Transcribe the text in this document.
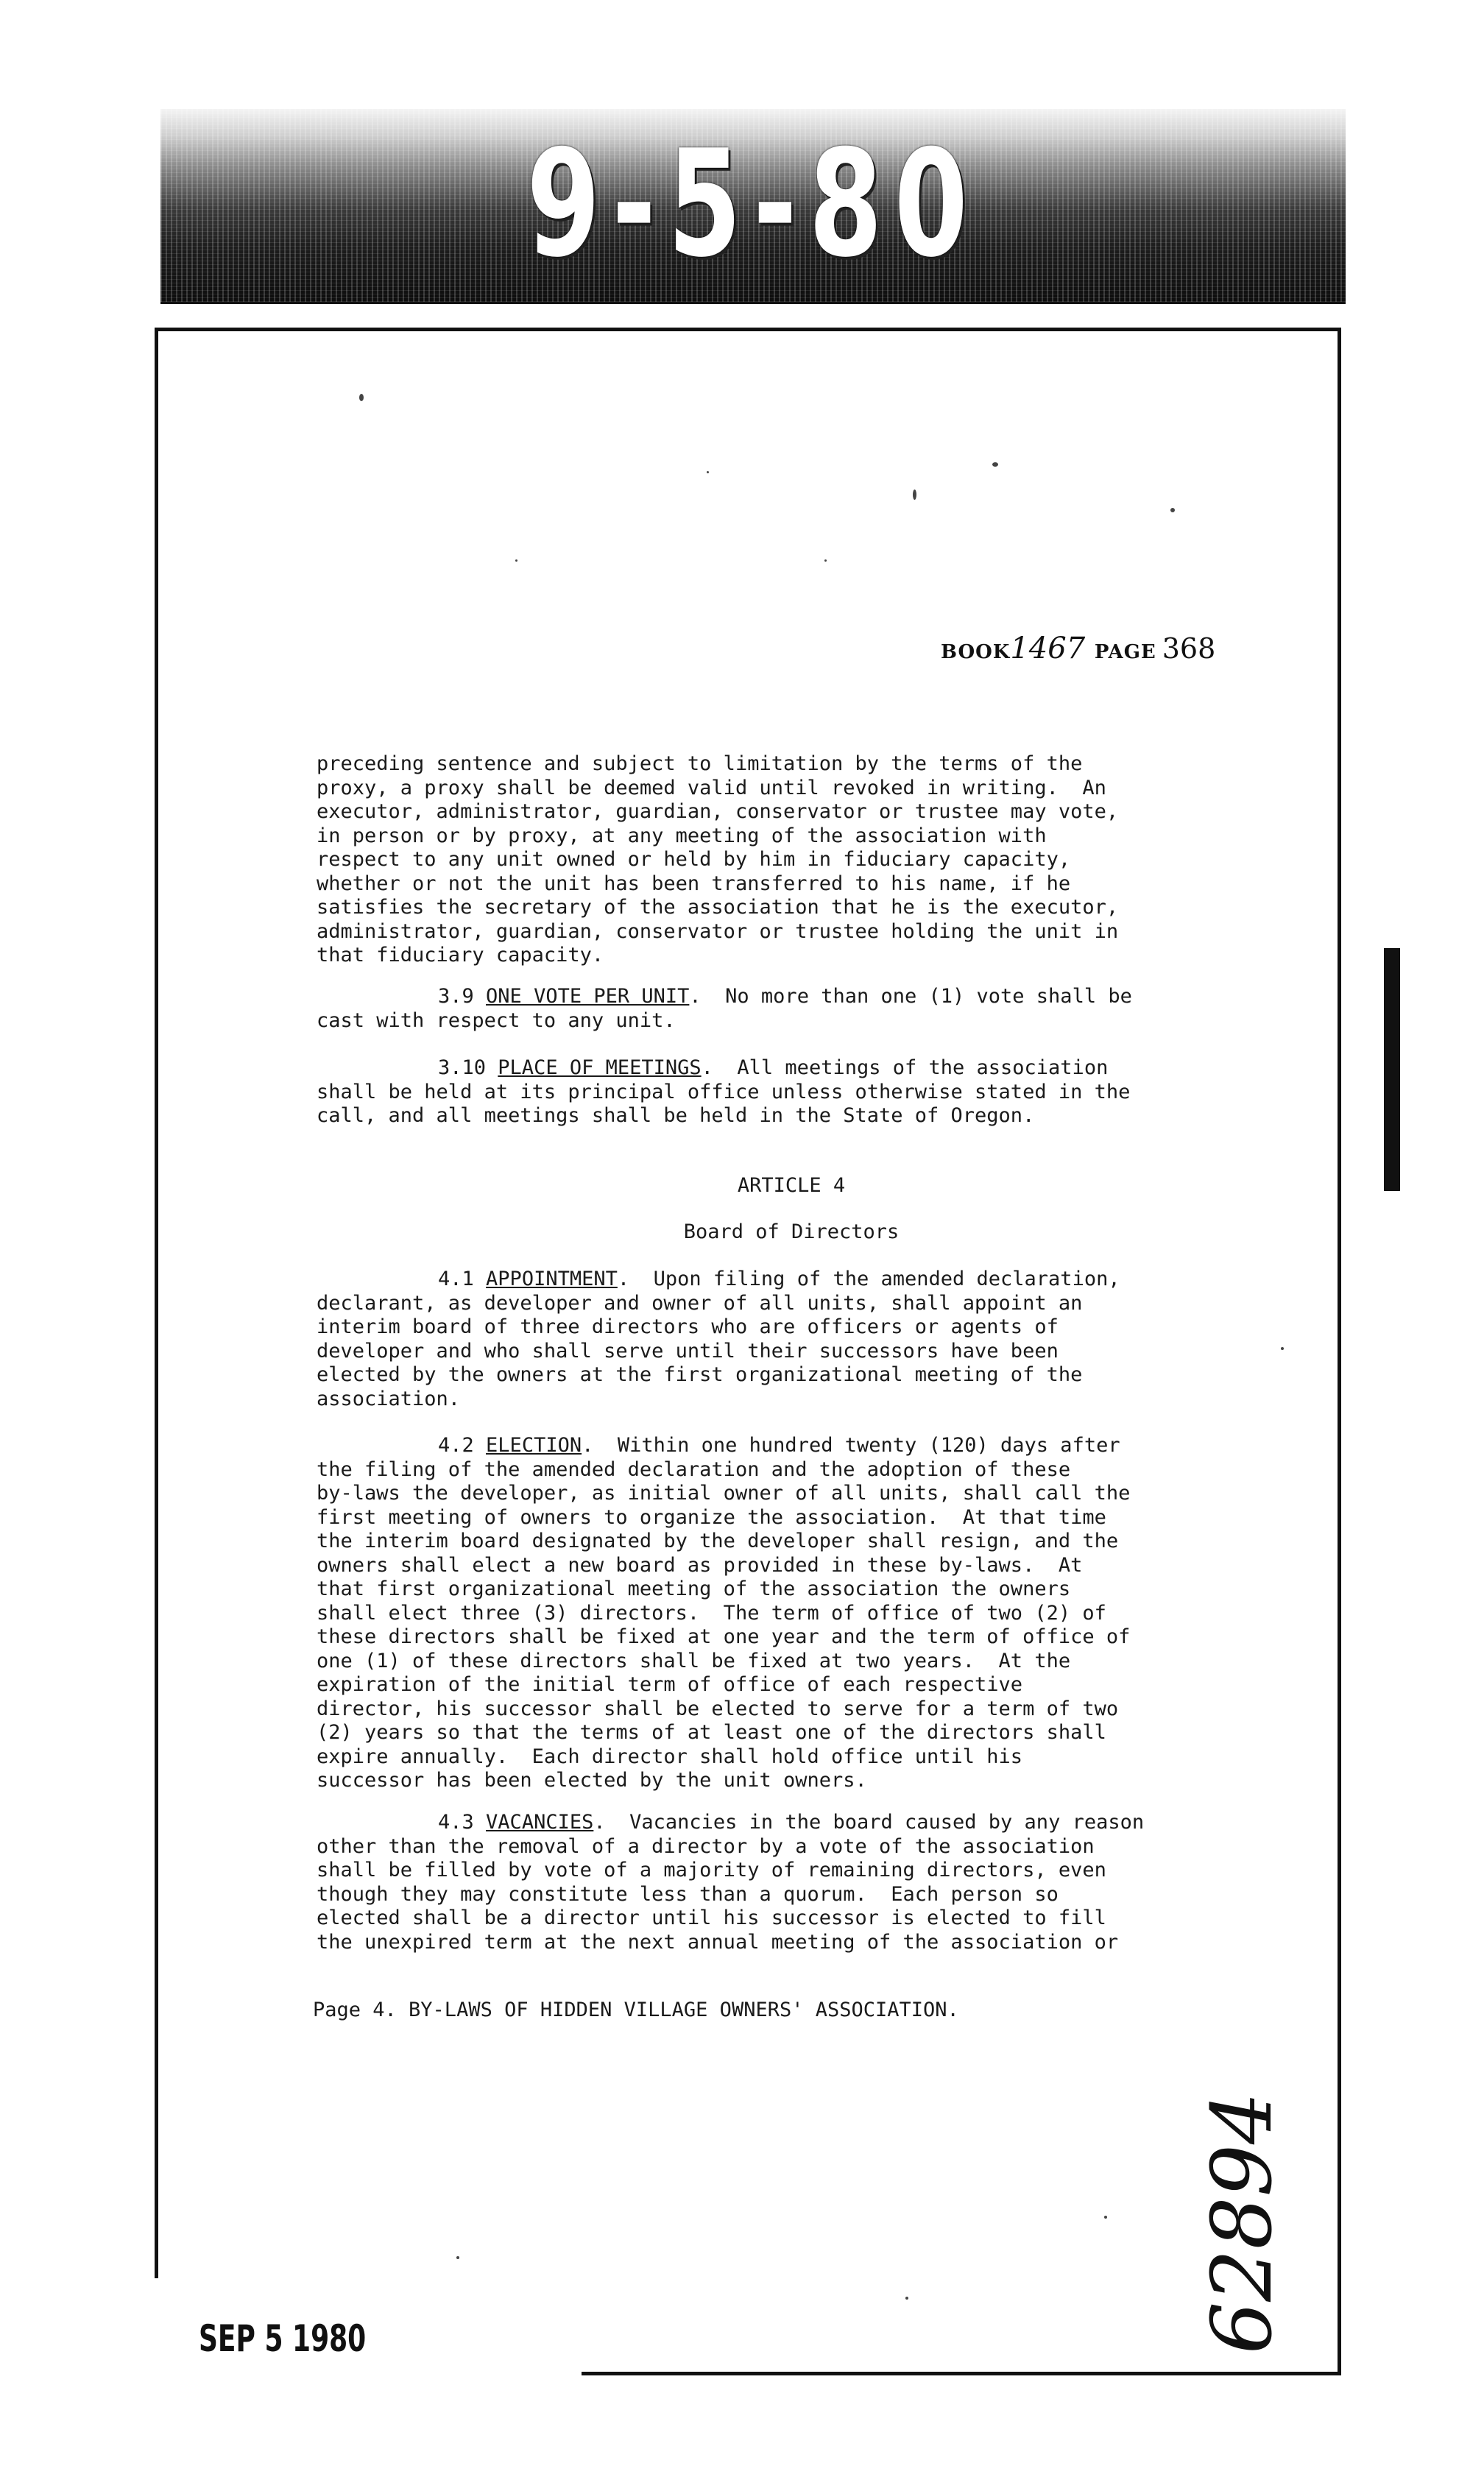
9-5-80
BOOK1467 PAGE 368
preceding sentence and subject to limitation by the terms of the
proxy, a proxy shall be deemed valid until revoked in writing.  An
executor, administrator, guardian, conservator or trustee may vote,
in person or by proxy, at any meeting of the association with
respect to any unit owned or held by him in fiduciary capacity,
whether or not the unit has been transferred to his name, if he
satisfies the secretary of the association that he is the executor,
administrator, guardian, conservator or trustee holding the unit in
that fiduciary capacity.
3.9 ONE VOTE PER UNIT.  No more than one (1) vote shall be
cast with respect to any unit.
3.10 PLACE OF MEETINGS.  All meetings of the association
shall be held at its principal office unless otherwise stated in the
call, and all meetings shall be held in the State of Oregon.
ARTICLE 4
Board of Directors
4.1 APPOINTMENT.  Upon filing of the amended declaration,
declarant, as developer and owner of all units, shall appoint an
interim board of three directors who are officers or agents of
developer and who shall serve until their successors have been
elected by the owners at the first organizational meeting of the
association.
4.2 ELECTION.  Within one hundred twenty (120) days after
the filing of the amended declaration and the adoption of these
by-laws the developer, as initial owner of all units, shall call the
first meeting of owners to organize the association.  At that time
the interim board designated by the developer shall resign, and the
owners shall elect a new board as provided in these by-laws.  At
that first organizational meeting of the association the owners
shall elect three (3) directors.  The term of office of two (2) of
these directors shall be fixed at one year and the term of office of
one (1) of these directors shall be fixed at two years.  At the
expiration of the initial term of office of each respective
director, his successor shall be elected to serve for a term of two
(2) years so that the terms of at least one of the directors shall
expire annually.  Each director shall hold office until his
successor has been elected by the unit owners.
4.3 VACANCIES.  Vacancies in the board caused by any reason
other than the removal of a director by a vote of the association
shall be filled by vote of a majority of remaining directors, even
though they may constitute less than a quorum.  Each person so
elected shall be a director until his successor is elected to fill
the unexpired term at the next annual meeting of the association or
Page 4. BY-LAWS OF HIDDEN VILLAGE OWNERS' ASSOCIATION.
62894
SEP 5 1980
